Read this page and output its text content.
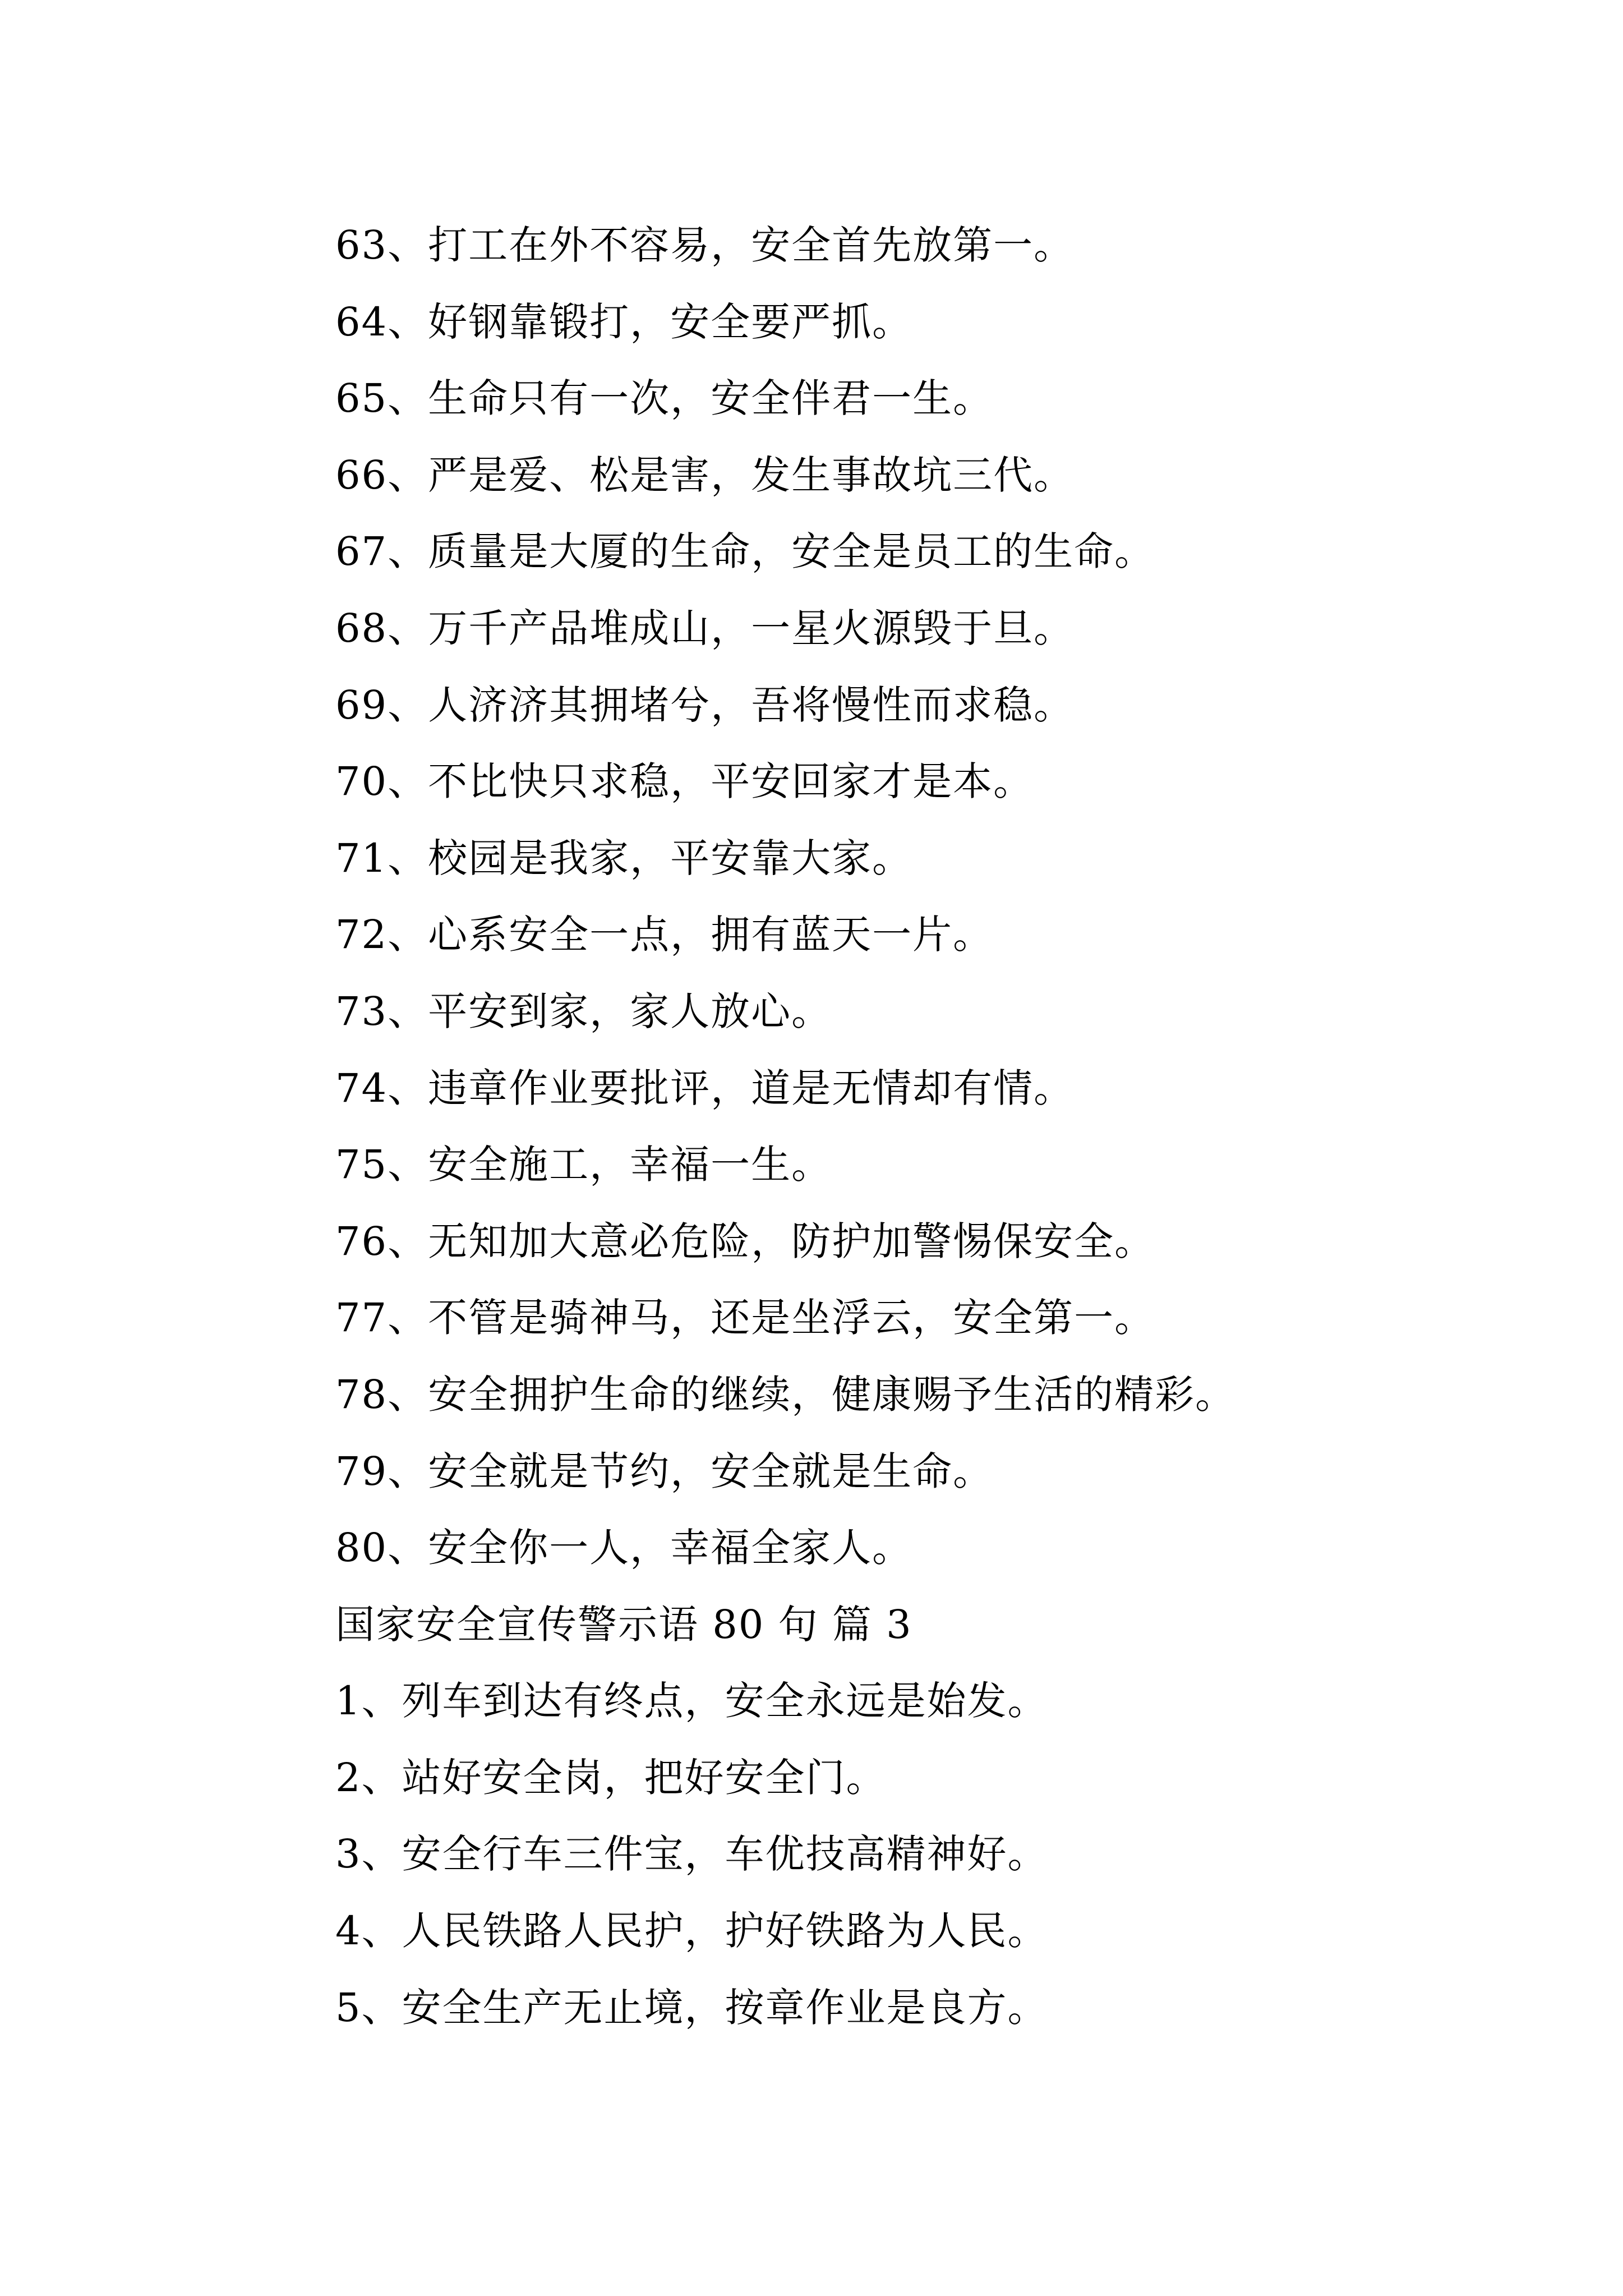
63、打工在外不容易，安全首先放第一。
64、好钢靠锻打，安全要严抓。
65、生命只有一次，安全伴君一生。
66、严是爱、松是害，发生事故坑三代。
67、质量是大厦的生命，安全是员工的生命。
68、万千产品堆成山，一星火源毁于旦。
69、人济济其拥堵兮，吾将慢性而求稳。
70、不比快只求稳，平安回家才是本。
71、校园是我家，平安靠大家。
72、心系安全一点，拥有蓝天一片。
73、平安到家，家人放心。
74、违章作业要批评，道是无情却有情。
75、安全施工，幸福一生。
76、无知加大意必危险，防护加警惕保安全。
77、不管是骑神马，还是坐浮云，安全第一。
78、安全拥护生命的继续，健康赐予生活的精彩。
79、安全就是节约，安全就是生命。
80、安全你一人，幸福全家人。
国家安全宣传警示语 80 句 篇 3
1、列车到达有终点，安全永远是始发。
2、站好安全岗，把好安全门。
3、安全行车三件宝，车优技高精神好。
4、人民铁路人民护，护好铁路为人民。
5、安全生产无止境，按章作业是良方。
